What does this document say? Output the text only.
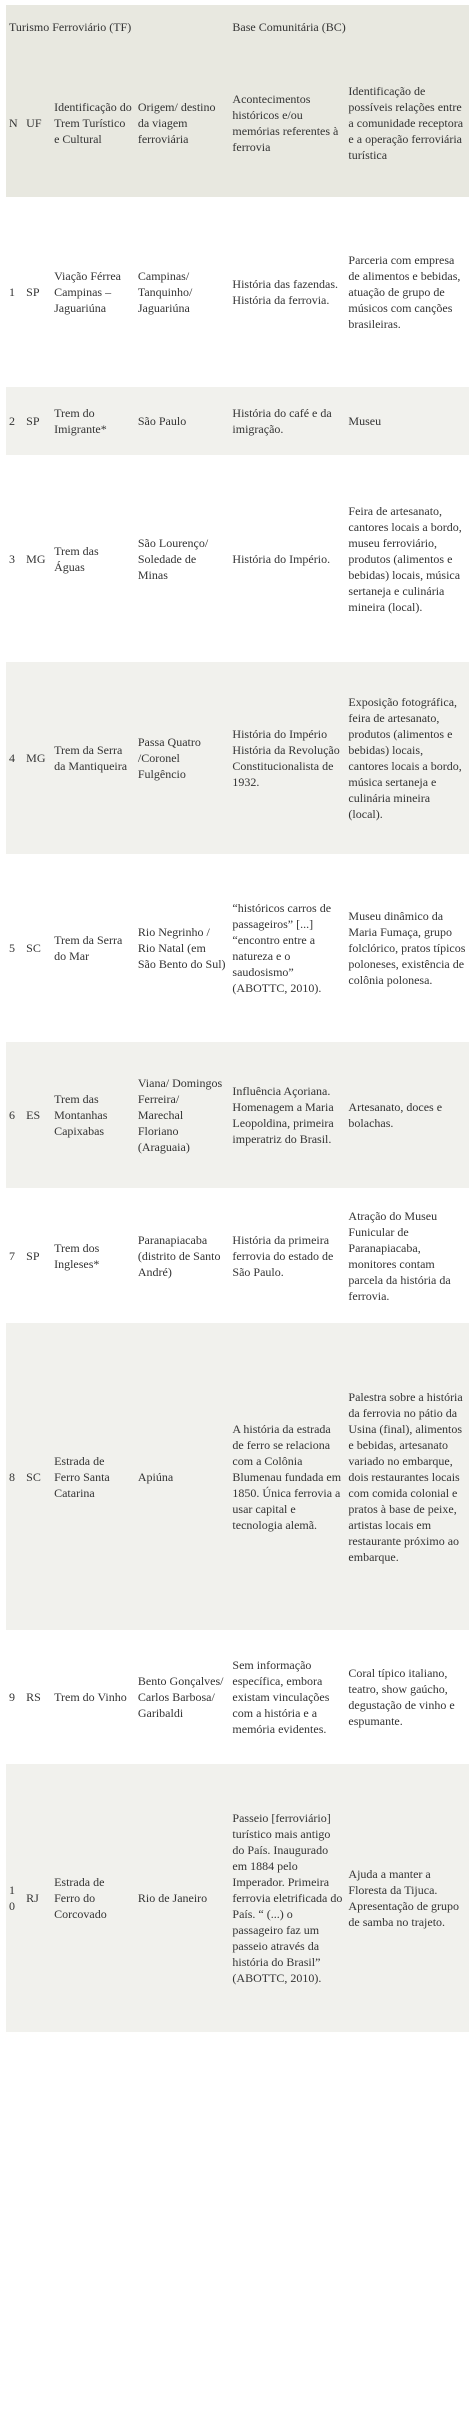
Turismo Ferroviário (TF)				Base Comunitária (BC)	
N	UF	Identificação do Trem Turístico e Cultural	Origem/ destino da viagem ferroviária	Acontecimentos históricos e/ou memórias referentes à ferrovia	Identificação de possíveis relações entre a comunidade receptora e a operação ferroviária turística
1	SP	Viação Férrea Campinas – Jaguariúna	Campinas/ Tanquinho/ Jaguariúna	História das fazendas. História da ferrovia.	Parceria com empresa de alimentos e bebidas, atuação de grupo de músicos com canções brasileiras.
2	SP	Trem do Imigrante*	São Paulo	História do café e da imigração.	Museu
3	MG	Trem das Águas	São Lourenço/ Soledade de Minas	História do Império.	Feira de artesanato, cantores locais a bordo, museu ferroviário, produtos (alimentos e bebidas) locais, música sertaneja e culinária mineira (local).
4	MG	Trem da Serra da Mantiqueira	Passa Quatro /Coronel Fulgêncio	História do Império História da Revolução Constitucionalista de 1932.	Exposição fotográfica, feira de artesanato, produtos (alimentos e bebidas) locais, cantores locais a bordo, música sertaneja e culinária mineira (local).
5	SC	Trem da Serra do Mar	Rio Negrinho / Rio Natal (em São Bento do Sul)	“históricos carros de passageiros” [...] “encontro entre a natureza e o saudosismo” (ABOTTC, 2010).	Museu dinâmico da Maria Fumaça, grupo folclórico, pratos típicos poloneses, existência de colônia polonesa.
6	ES	Trem das Montanhas Capixabas	Viana/ Domingos Ferreira/ Marechal Floriano (Araguaia)	Influência Açoriana. Homenagem a Maria Leopoldina, primeira imperatriz do Brasil.	Artesanato, doces e bolachas.
7	SP	Trem dos Ingleses*	Paranapiacaba (distrito de Santo André)	História da primeira ferrovia do estado de São Paulo.	Atração do Museu Funicular de Paranapiacaba, monitores contam parcela da história da ferrovia.
8	SC	Estrada de Ferro Santa Catarina	Apiúna	A história da estrada de ferro se relaciona com a Colônia Blumenau fundada em 1850. Única ferrovia a usar capital e tecnologia alemã.	Palestra sobre a história da ferrovia no pátio da Usina (final), alimentos e bebidas, artesanato variado no embarque, dois restaurantes locais com comida colonial e pratos à base de peixe, artistas locais em restaurante próximo ao embarque.
9	RS	Trem do Vinho	Bento Gonçalves/ Carlos Barbosa/ Garibaldi	Sem informação específica, embora existam vinculações com a história e a memória evidentes.	Coral típico italiano, teatro, show gaúcho, degustação de vinho e espumante.
10	RJ	Estrada de Ferro do Corcovado	Rio de Janeiro	Passeio [ferroviário] turístico mais antigo do País. Inaugurado em 1884 pelo Imperador. Primeira ferrovia eletrificada do País. “ (...) o passageiro faz um passeio através da história do Brasil” (ABOTTC, 2010).	Ajuda a manter a Floresta da Tijuca. Apresentação de grupo de samba no trajeto.
